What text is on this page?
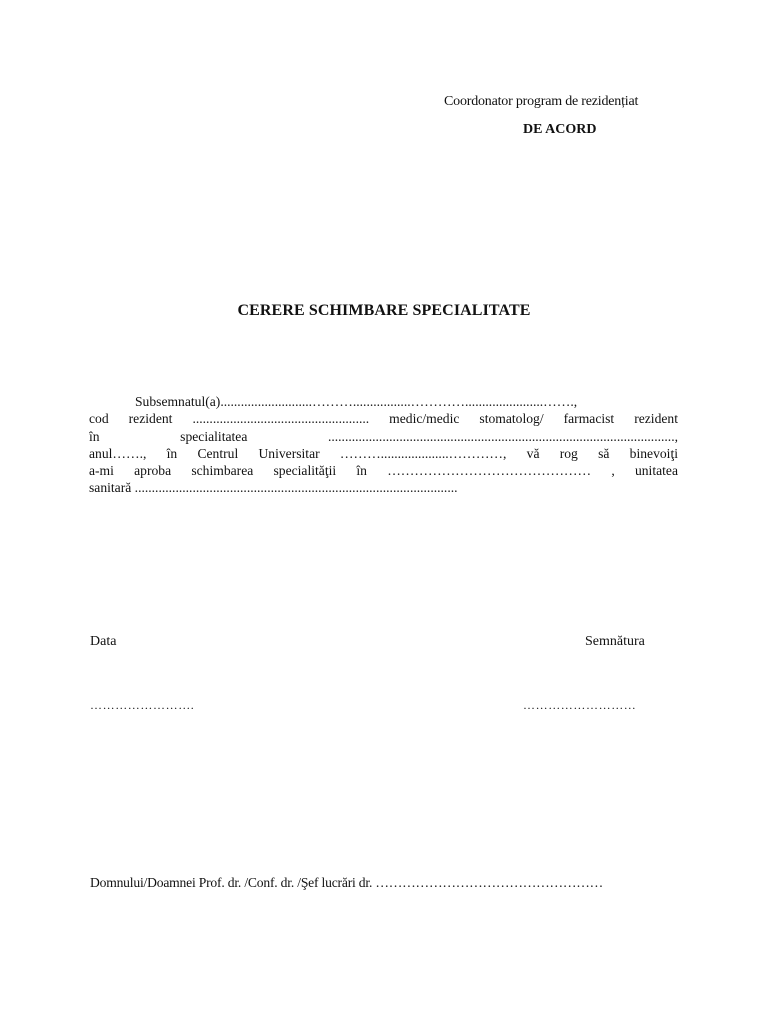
Coordonator program de rezidențiat
DE ACORD
CERERE SCHIMBARE SPECIALITATE
Subsemnatul(a)...........................……….................………….......................…….,
cod rezident .................................................... medic/medic stomatolog/ farmacist rezident
în specialitatea ......................................................................................................,
anul……., în Centrul Universitar ………....................…………, vă rog să binevoiţi
a-mi aproba schimbarea specialităţii în ……………………………………… , unitatea
sanitară ...............................................................................................
Data	Semnătura
…………………….	………………………
Domnului/Doamnei Prof. dr. /Conf. dr. /Şef lucrări dr. ……………………………………………
